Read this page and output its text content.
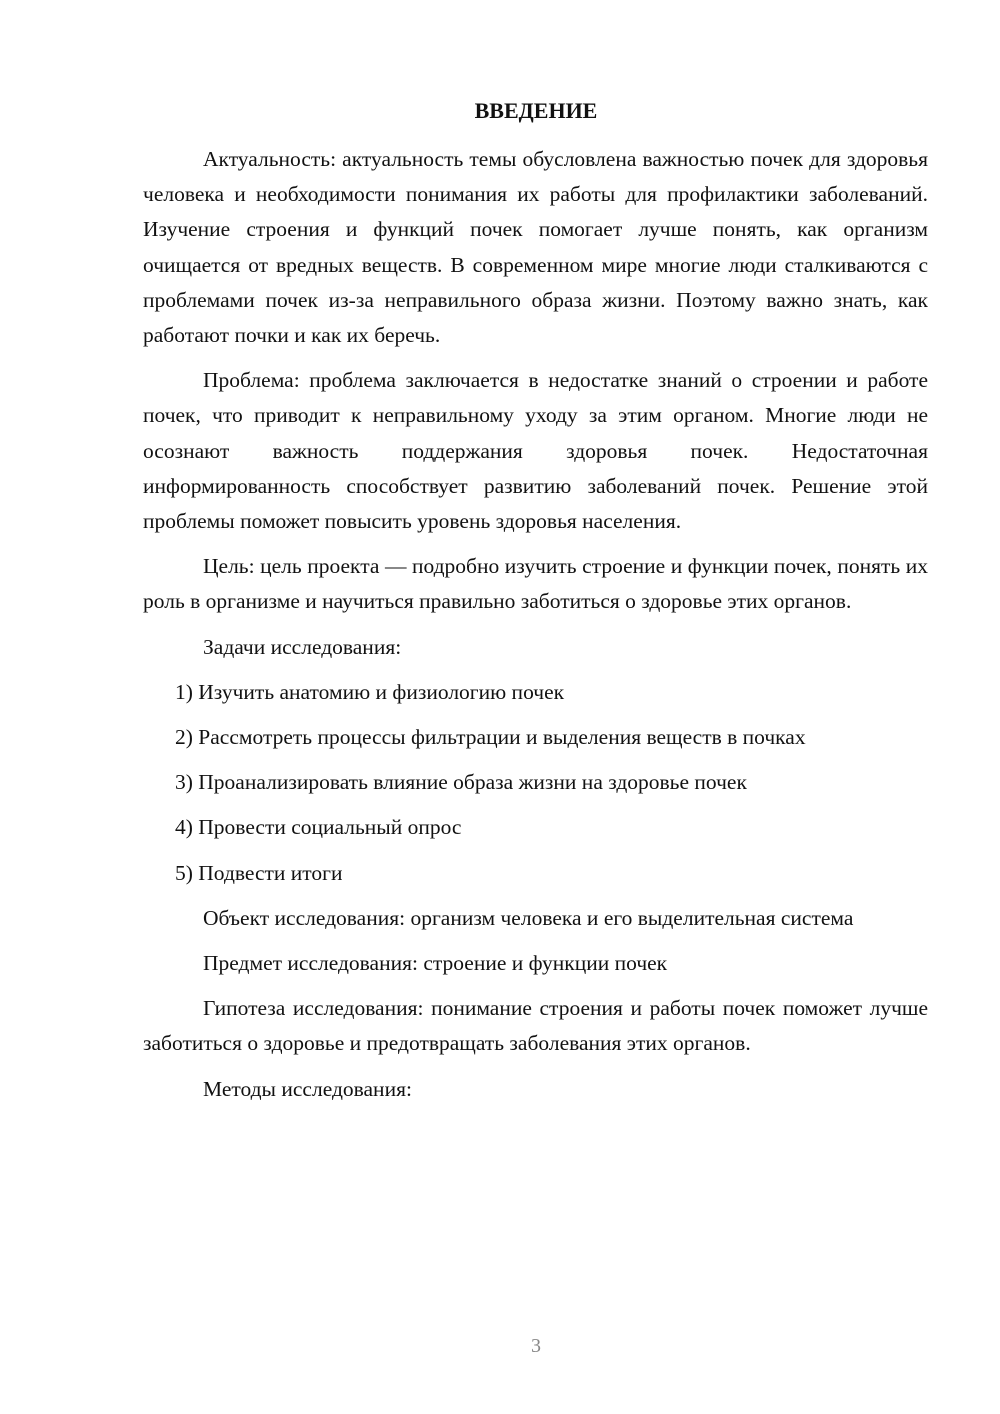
ВВЕДЕНИЕ

Актуальность: актуальность темы обусловлена важностью почек для здоровья человека и необходимости понимания их работы для профилактики заболеваний. Изучение строения и функций почек помогает лучше понять, как организм очищается от вредных веществ. В современном мире многие люди сталкиваются с проблемами почек из-за неправильного образа жизни. Поэтому важно знать, как работают почки и как их беречь.

Проблема: проблема заключается в недостатке знаний о строении и работе почек, что приводит к неправильному уходу за этим органом. Многие люди не осознают важность поддержания здоровья почек. Недостаточная информированность способствует развитию заболеваний почек. Решение этой проблемы поможет повысить уровень здоровья населения.

Цель: цель проекта — подробно изучить строение и функции почек, понять их роль в организме и научиться правильно заботиться о здоровье этих органов.

Задачи исследования:

1) Изучить анатомию и физиологию почек
2) Рассмотреть процессы фильтрации и выделения веществ в почках
3) Проанализировать влияние образа жизни на здоровье почек
4) Провести социальный опрос
5) Подвести итоги

Объект исследования: организм человека и его выделительная система

Предмет исследования: строение и функции почек

Гипотеза исследования: понимание строения и работы почек поможет лучше заботиться о здоровье и предотвращать заболевания этих органов.

Методы исследования:

3
